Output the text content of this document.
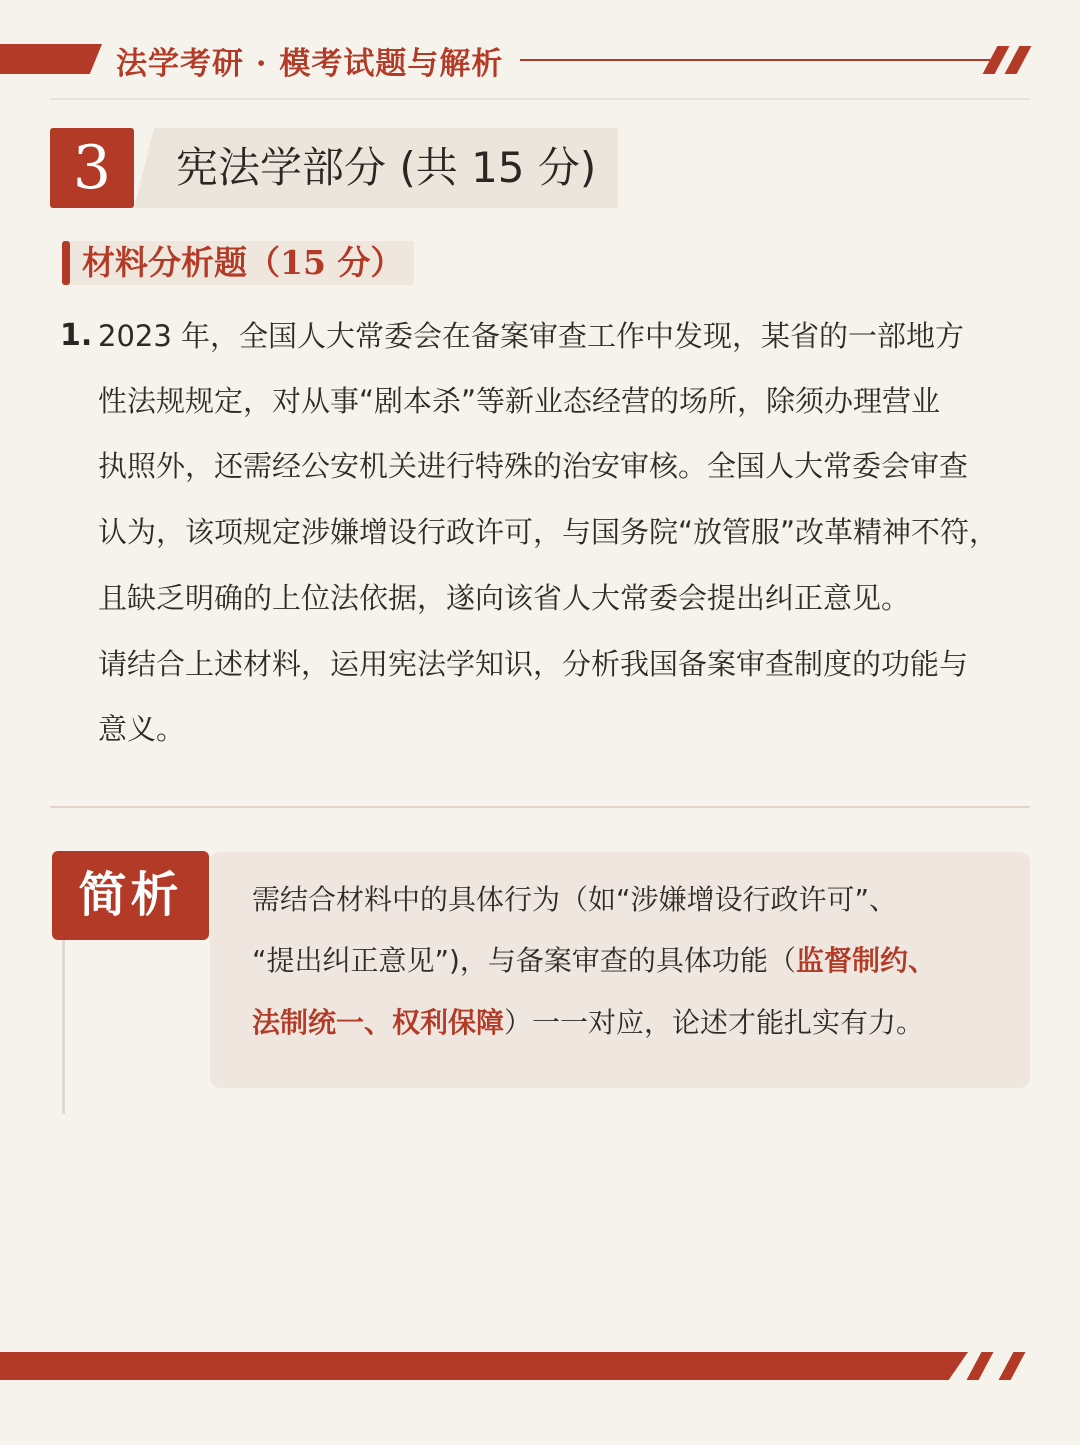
法学考研 · 模考试题与解析
3	宪法学部分 (共 15 分)
材料分析题（15 分）
1. 2023 年，全国人大常委会在备案审查工作中发现，某省的一部地方
性法规规定，对从事“剧本杀”等新业态经营的场所，除须办理营业
执照外，还需经公安机关进行特殊的治安审核。全国人大常委会审查
认为，该项规定涉嫌增设行政许可，与国务院“放管服”改革精神不符，
且缺乏明确的上位法依据，遂向该省人大常委会提出纠正意见。
请结合上述材料，运用宪法学知识，分析我国备案审查制度的功能与
意义。
简析	需结合材料中的具体行为（如“涉嫌增设行政许可”、
“提出纠正意见”)，与备案审查的具体功能（监督制约、
法制统一、权利保障）一一对应，论述才能扎实有力。
